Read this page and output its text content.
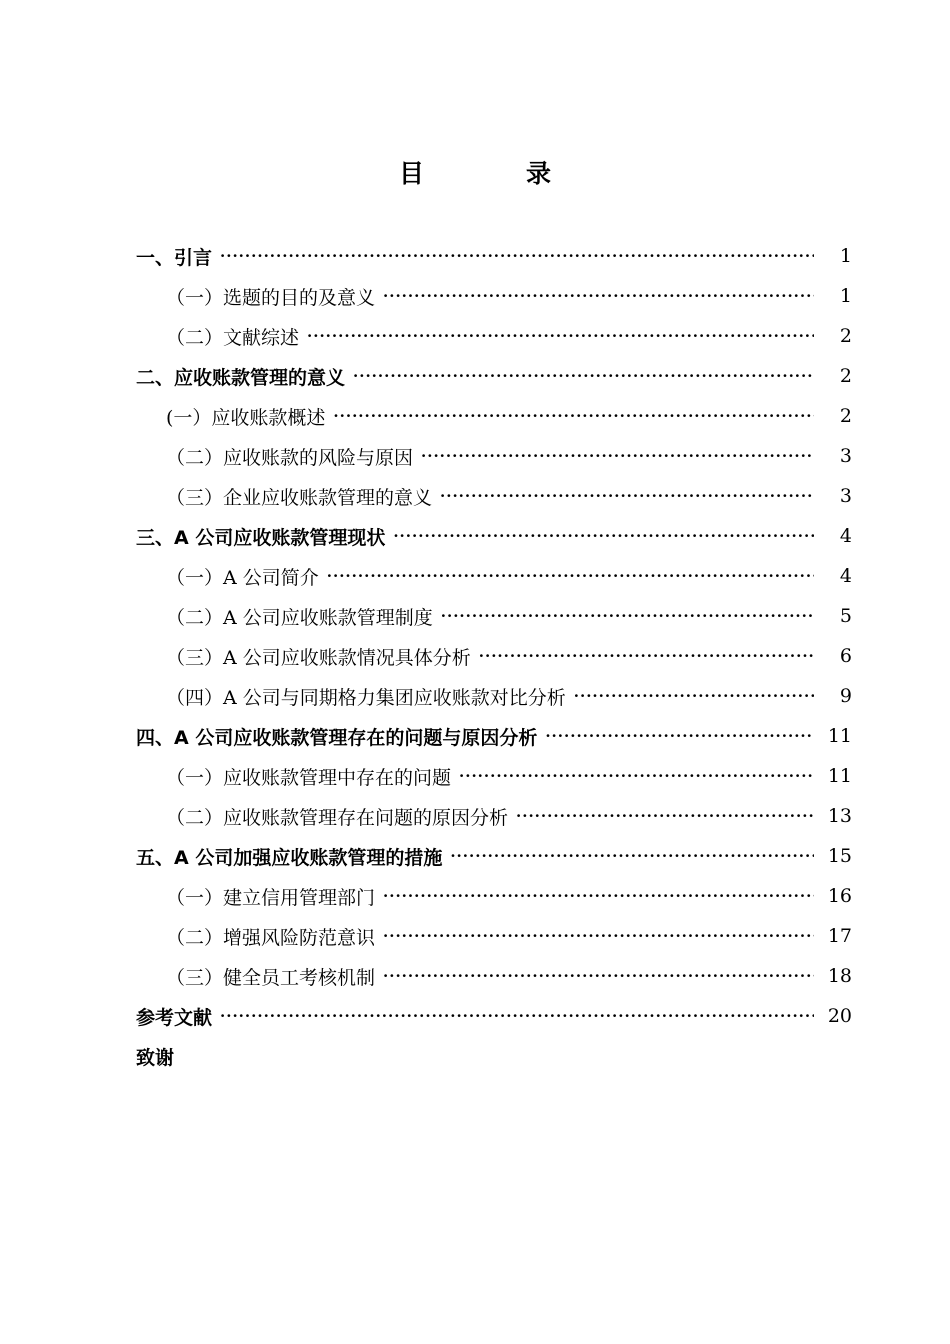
目	录
一、引言 ·····	1
（一）选题的目的及意义 ·····	1
（二）文献综述 ·····	2
二、应收账款管理的意义 ·····	2
(一）应收账款概述 ·····	2
（二）应收账款的风险与原因 ·····	3
（三）企业应收账款管理的意义 ·····	3
三、A 公司应收账款管理现状 ·····	4
（一）A 公司简介 ·····	4
（二）A 公司应收账款管理制度 ·····	5
（三）A 公司应收账款情况具体分析 ·····	6
（四）A 公司与同期格力集团应收账款对比分析 ·····	9
四、A 公司应收账款管理存在的问题与原因分析 ·····	11
（一）应收账款管理中存在的问题 ·····	11
（二）应收账款管理存在问题的原因分析 ·····	13
五、A 公司加强应收账款管理的措施 ·····	15
（一）建立信用管理部门 ·····	16
（二）增强风险防范意识 ·····	17
（三）健全员工考核机制 ·····	18
参考文献 ·····	20
致谢
